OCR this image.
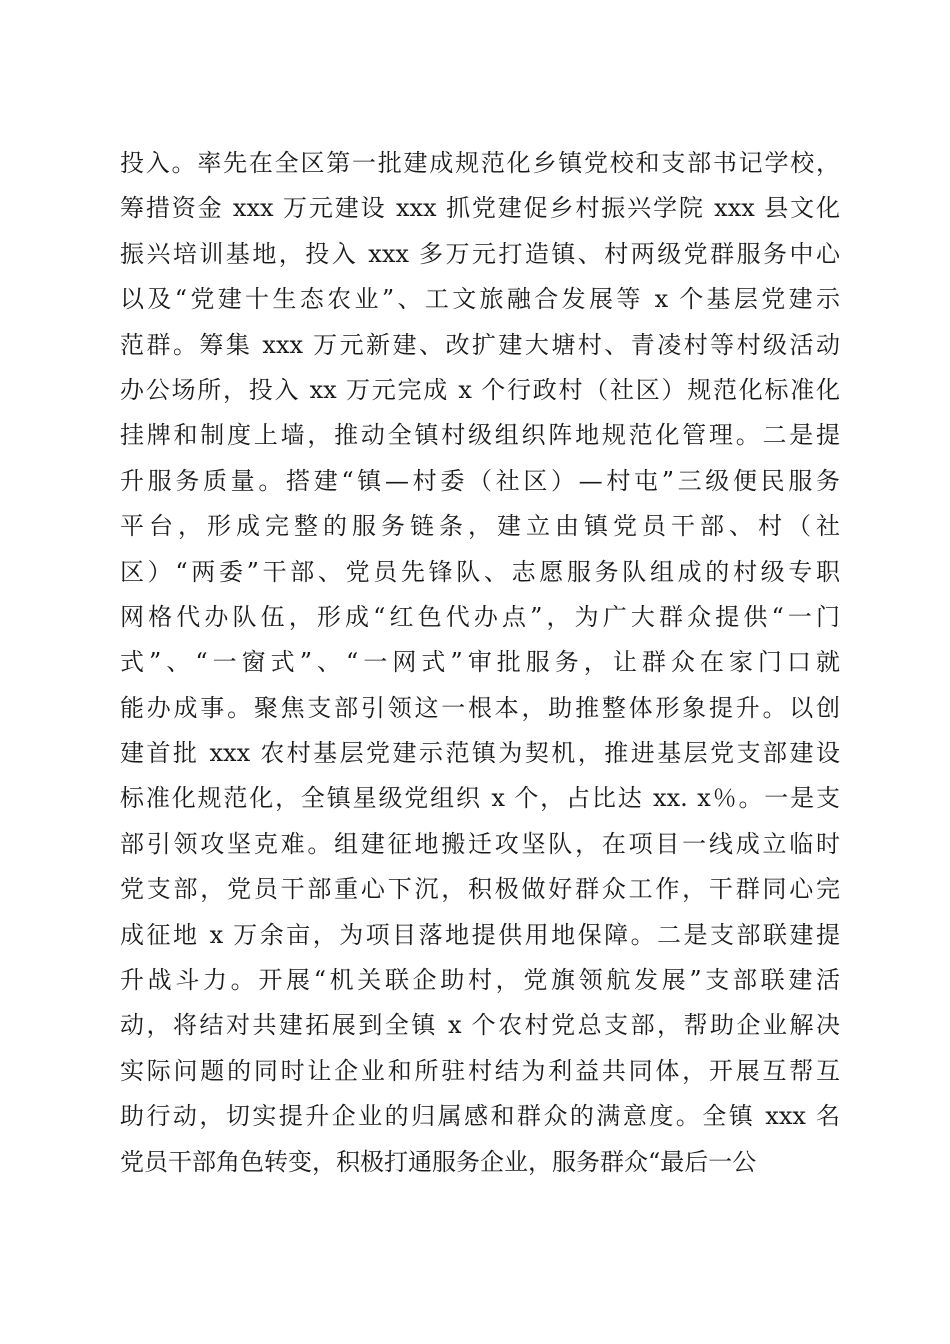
投入。率先在全区第一批建成规范化乡镇党校和支部书记学校，
筹措资金 xxx 万元建设 xxx 抓党建促乡村振兴学院 xxx 县文化
振兴培训基地，投入 xxx 多万元打造镇、村两级党群服务中心
以及“党建十生态农业”、工文旅融合发展等 x 个基层党建示
范群。筹集 xxx 万元新建、改扩建大塘村、青凌村等村级活动
办公场所，投入 xx 万元完成 x 个行政村（社区）规范化标准化
挂牌和制度上墙，推动全镇村级组织阵地规范化管理。二是提
升服务质量。搭建“镇—村委（社区）—村屯”三级便民服务
平台，形成完整的服务链条，建立由镇党员干部、村（社
区）“两委”干部、党员先锋队、志愿服务队组成的村级专职
网格代办队伍，形成“红色代办点”，为广大群众提供“一门
式”、“一窗式”、“一网式”审批服务，让群众在家门口就
能办成事。聚焦支部引领这一根本，助推整体形象提升。以创
建首批 xxx 农村基层党建示范镇为契机，推进基层党支部建设
标准化规范化，全镇星级党组织 x 个，占比达 xx. x％。一是支
部引领攻坚克难。组建征地搬迁攻坚队，在项目一线成立临时
党支部，党员干部重心下沉，积极做好群众工作，干群同心完
成征地 x 万余亩，为项目落地提供用地保障。二是支部联建提
升战斗力。开展“机关联企助村，党旗领航发展”支部联建活
动，将结对共建拓展到全镇 x 个农村党总支部，帮助企业解决
实际问题的同时让企业和所驻村结为利益共同体，开展互帮互
助行动，切实提升企业的归属感和群众的满意度。全镇 xxx 名
党员干部角色转变，积极打通服务企业，服务群众“最后一公
